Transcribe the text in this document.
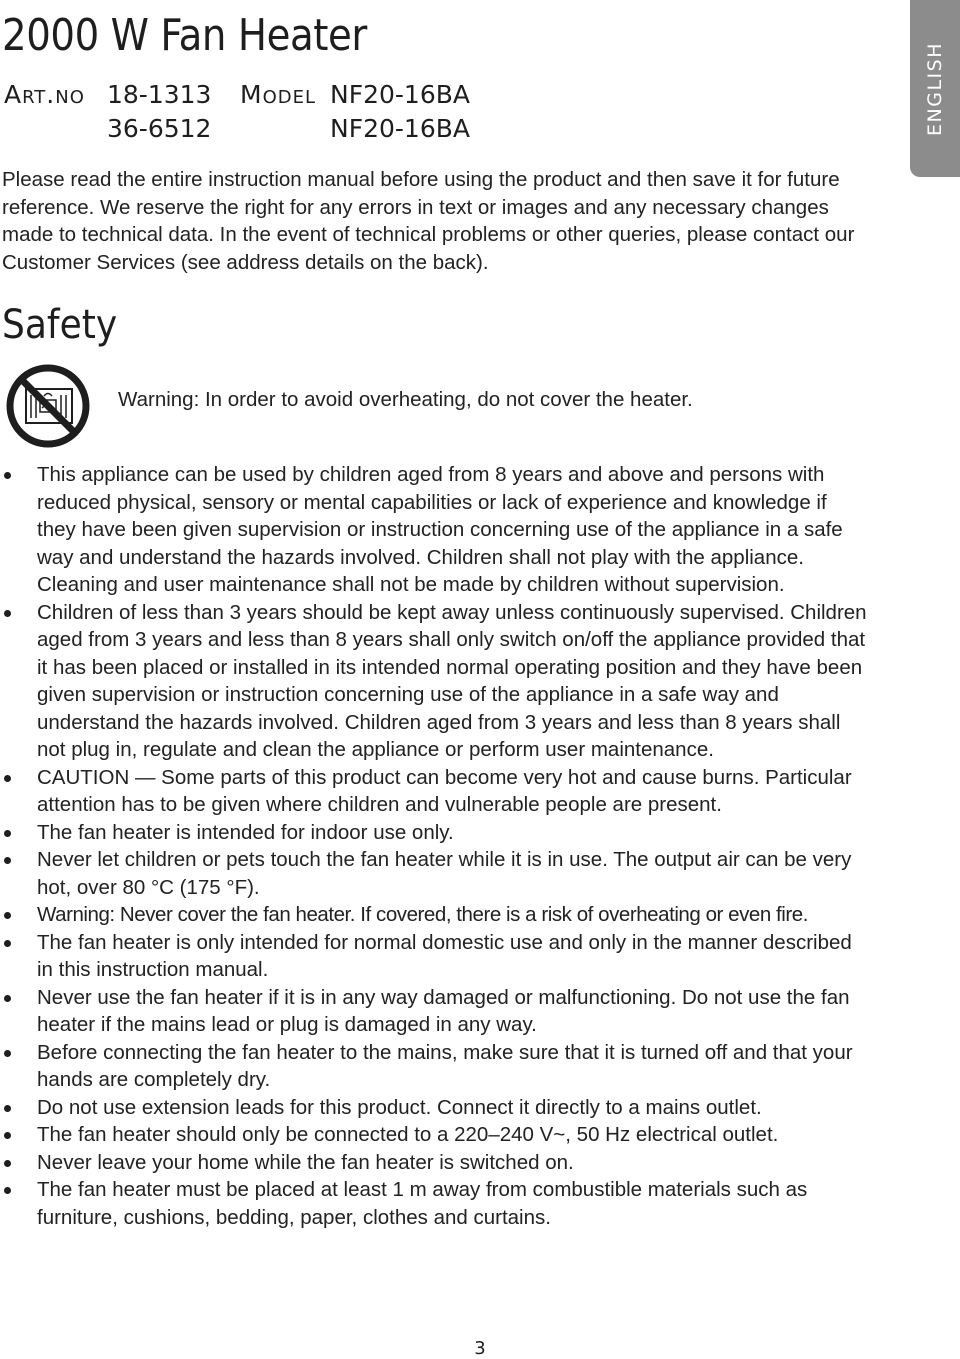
2000 W Fan Heater
Art.no 18-1313 Model NF20-16BA
36-6512	NF20-16BA	ENGLISH

Please read the entire instruction manual before using the product and then save it for future reference. We reserve the right for any errors in text or images and any necessary changes made to technical data. In the event of technical problems or other queries, please contact our Customer Services (see address details on the back).

Safety
Warning: In order to avoid overheating, do not cover the heater.
This appliance can be used by children aged from 8 years and above and persons with reduced physical, sensory or mental capabilities or lack of experience and knowledge if they have been given supervision or instruction concerning use of the appliance in a safe way and understand the hazards involved. Children shall not play with the appliance. Cleaning and user maintenance shall not be made by children without supervision.
Children of less than 3 years should be kept away unless continuously supervised. Children aged from 3 years and less than 8 years shall only switch on/off the appliance provided that it has been placed or installed in its intended normal operating position and they have been given supervision or instruction concerning use of the appliance in a safe way and understand the hazards involved. Children aged from 3 years and less than 8 years shall not plug in, regulate and clean the appliance or perform user maintenance.
CAUTION — Some parts of this product can become very hot and cause burns. Particular attention has to be given where children and vulnerable people are present.
The fan heater is intended for indoor use only.
Never let children or pets touch the fan heater while it is in use. The output air can be very hot, over 80 °C (175 °F).
Warning: Never cover the fan heater. If covered, there is a risk of overheating or even fire.
The fan heater is only intended for normal domestic use and only in the manner described in this instruction manual.
Never use the fan heater if it is in any way damaged or malfunctioning. Do not use the fan heater if the mains lead or plug is damaged in any way.
Before connecting the fan heater to the mains, make sure that it is turned off and that your hands are completely dry.
Do not use extension leads for this product. Connect it directly to a mains outlet.
The fan heater should only be connected to a 220–240 V~, 50 Hz electrical outlet.
Never leave your home while the fan heater is switched on.
The fan heater must be placed at least 1 m away from combustible materials such as furniture, cushions, bedding, paper, clothes and curtains.
3
